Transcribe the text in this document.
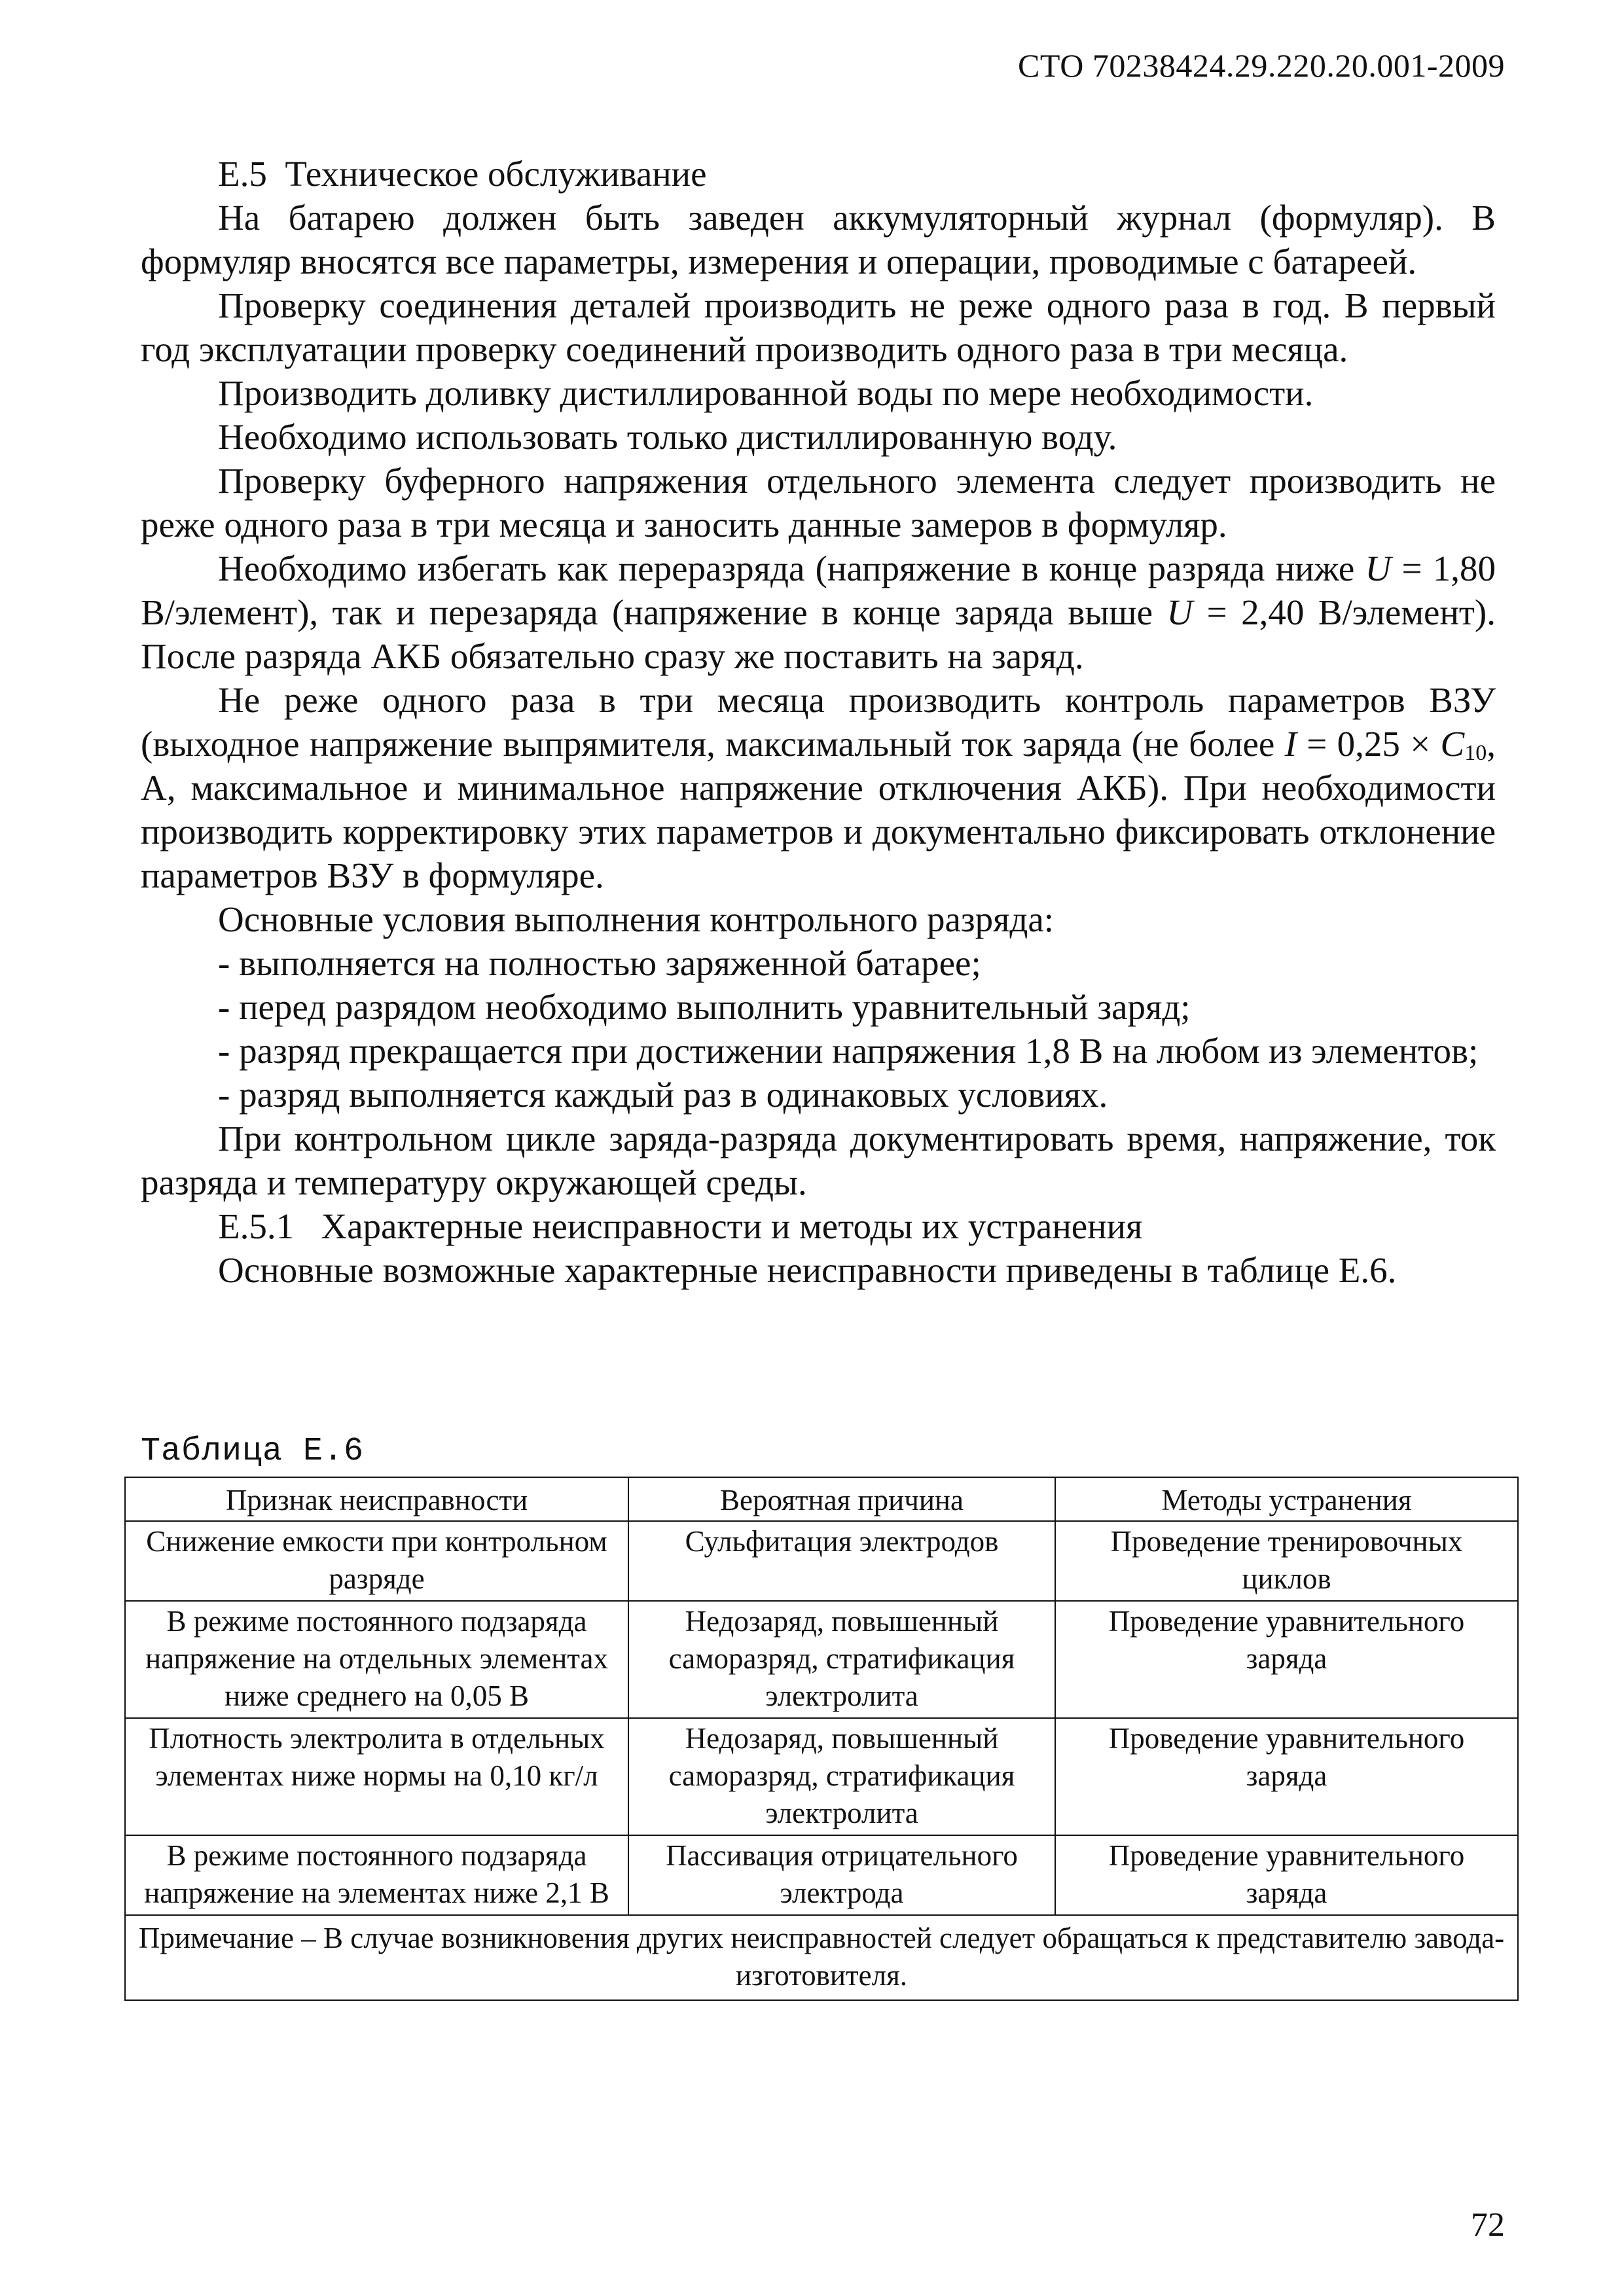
СТО 70238424.29.220.20.001-2009

Е.5 Техническое обслуживание

На батарею должен быть заведен аккумуляторный журнал (формуляр). В формуляр вносятся все параметры, измерения и операции, проводимые с батареей.

Проверку соединения деталей производить не реже одного раза в год. В первый год эксплуатации проверку соединений производить одного раза в три месяца.

Производить доливку дистиллированной воды по мере необходимости.

Необходимо использовать только дистиллированную воду.

Проверку буферного напряжения отдельного элемента следует производить не реже одного раза в три месяца и заносить данные замеров в формуляр.

Необходимо избегать как переразряда (напряжение в конце разряда ниже U = 1,80 В/элемент), так и перезаряда (напряжение в конце заряда выше U = 2,40 В/элемент). После разряда АКБ обязательно сразу же поставить на заряд.

Не реже одного раза в три месяца производить контроль параметров ВЗУ (выходное напряжение выпрямителя, максимальный ток заряда (не более $I = 0,25 \times C_{10}$, А, максимальное и минимальное напряжение отключения АКБ). При необходимости производить корректировку этих параметров и документально фиксировать отклонение параметров ВЗУ в формуляре.

Основные условия выполнения контрольного разряда:

- выполняется на полностью заряженной батарее;

- перед разрядом необходимо выполнить уравнительный заряд;

- разряд прекращается при достижении напряжения 1,8 В на любом из элементов;

- разряд выполняется каждый раз в одинаковых условиях.

При контрольном цикле заряда-разряда документировать время, напряжение, ток разряда и температуру окружающей среды.

Е.5.1   Характерные неисправности и методы их устранения

Основные возможные характерные неисправности приведены в таблице Е.6.

Таблица Е.6
Признак неисправности	Вероятная причина	Методы устранения
Снижение емкости при контрольном разряде	Сульфитация электродов	Проведение тренировочных циклов
В режиме постоянного подзаряда напряжение на отдельных элементах ниже среднего на 0,05 В	Недозаряд, повышенный саморазряд, стратификация электролита	Проведение уравнительного заряда
Плотность электролита в отдельных элементах ниже нормы на 0,10 кг/л	Недозаряд, повышенный саморазряд, стратификация электролита	Проведение уравнительного заряда
В режиме постоянного подзаряда напряжение на элементах ниже 2,1 В	Пассивация отрицательного электрода	Проведение уравнительного заряда
Примечание – В случае возникновения других неисправностей следует обращаться к представителю завода-изготовителя.		
72
